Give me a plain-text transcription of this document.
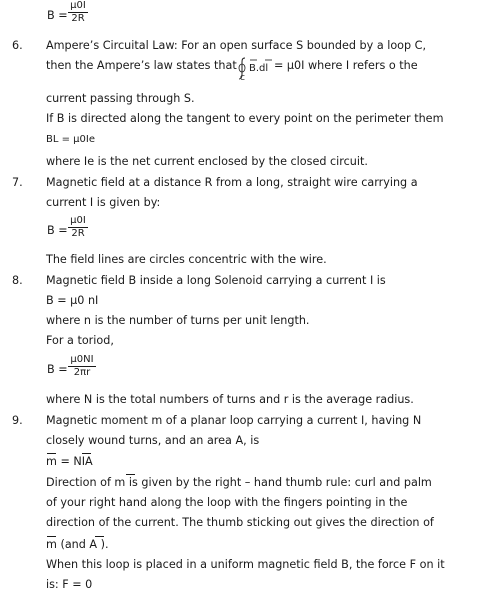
B =
μ0I
2R
6. Ampere’s Circuital Law: For an open surface S bounded by a loop C,
then the Ampere’s law states that B.dl
C
= μ0I where I refers o the
current passing through S.
If B is directed along the tangent to every point on the perimeter them
BL = μ0Ie
where Ie is the net current enclosed by the closed circuit.
7. Magnetic field at a distance R from a long, straight wire carrying a
current I is given by:
B =
μ0I
2R
The field lines are circles concentric with the wire.
8. Magnetic field B inside a long Solenoid carrying a current I is
B = μ0 nI
where n is the number of turns per unit length.
For a toriod,
B =
μ0NI
2πr
where N is the total numbers of turns and r is the average radius.
9. Magnetic moment m of a planar loop carrying a current I, having N
closely wound turns, and an area A, is
m = NIA
Direction of m is given by the right – hand thumb rule: curl and palm
of your right hand along the loop with the fingers pointing in the
direction of the current. The thumb sticking out gives the direction of
m (and A ).
When this loop is placed in a uniform magnetic field B, the force F on it
is: F = 0
